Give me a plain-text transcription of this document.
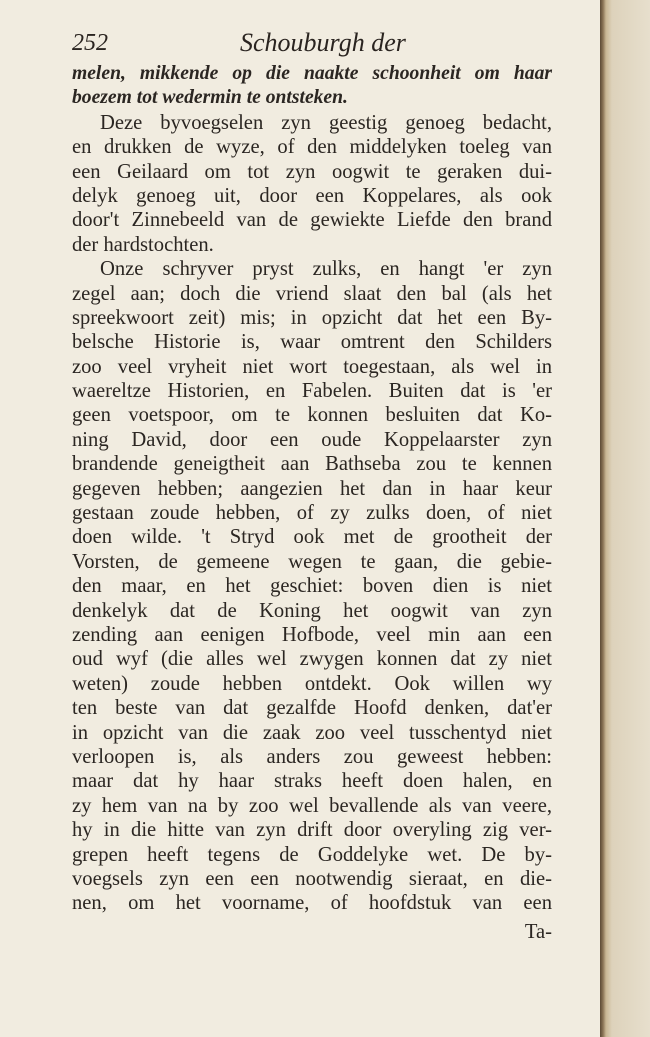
252	Schouburgh der
melen, mikkende op die naakte schoonheit om haar
boezem tot wedermin te ontsteken.
Deze byvoegselen zyn geestig genoeg bedacht,
en drukken de wyze, of den middelyken toeleg van
een Geilaard om tot zyn oogwit te geraken dui-
delyk genoeg uit, door een Koppelares, als ook
door't Zinnebeeld van de gewiekte Liefde den brand
der hardstochten.
Onze schryver pryst zulks, en hangt 'er zyn
zegel aan; doch die vriend slaat den bal (als het
spreekwoort zeit) mis; in opzicht dat het een By-
belsche Historie is, waar omtrent den Schilders
zoo veel vryheit niet wort toegestaan, als wel in
waereltze Historien, en Fabelen. Buiten dat is 'er
geen voetspoor, om te konnen besluiten dat Ko-
ning David, door een oude Koppelaarster zyn
brandende geneigtheit aan Bathseba zou te kennen
gegeven hebben; aangezien het dan in haar keur
gestaan zoude hebben, of zy zulks doen, of niet
doen wilde. 't Stryd ook met de grootheit der
Vorsten, de gemeene wegen te gaan, die gebie-
den maar, en het geschiet: boven dien is niet
denkelyk dat de Koning het oogwit van zyn
zending aan eenigen Hofbode, veel min aan een
oud wyf (die alles wel zwygen konnen dat zy niet
weten) zoude hebben ontdekt. Ook willen wy
ten beste van dat gezalfde Hoofd denken, dat'er
in opzicht van die zaak zoo veel tusschentyd niet
verloopen is, als anders zou geweest hebben:
maar dat hy haar straks heeft doen halen, en
zy hem van na by zoo wel bevallende als van veere,
hy in die hitte van zyn drift door overyling zig ver-
grepen heeft tegens de Goddelyke wet. De by-
voegsels zyn een een nootwendig sieraat, en die-
nen, om het voorname, of hoofdstuk van een
Ta-
